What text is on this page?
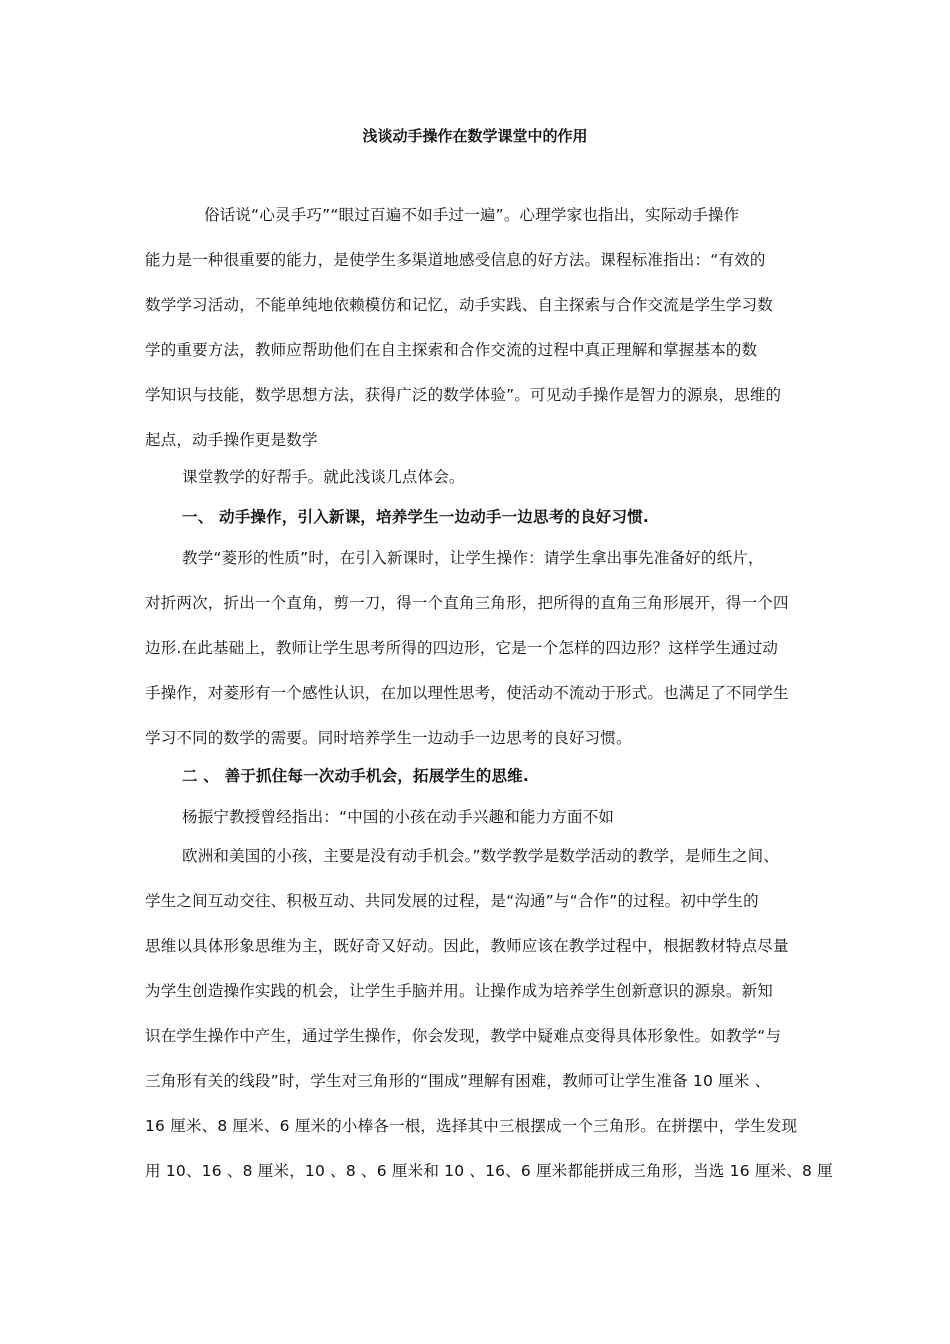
浅谈动手操作在数学课堂中的作用
俗话说“心灵手巧”“眼过百遍不如手过一遍”。心理学家也指出，实际动手操作
能力是一种很重要的能力，是使学生多渠道地感受信息的好方法。课程标准指出：“有效的
数学学习活动，不能单纯地依赖模仿和记忆，动手实践、自主探索与合作交流是学生学习数
学的重要方法，教师应帮助他们在自主探索和合作交流的过程中真正理解和掌握基本的数
学知识与技能，数学思想方法，获得广泛的数学体验”。可见动手操作是智力的源泉，思维的
起点，动手操作更是数学
课堂教学的好帮手。就此浅谈几点体会。
一、 动手操作，引入新课，培养学生一边动手一边思考的良好习惯.
教学“菱形的性质”时，在引入新课时，让学生操作：请学生拿出事先准备好的纸片，
对折两次，折出一个直角，剪一刀，得一个直角三角形，把所得的直角三角形展开，得一个四
边形.在此基础上，教师让学生思考所得的四边形，它是一个怎样的四边形？这样学生通过动
手操作，对菱形有一个感性认识，在加以理性思考，使活动不流动于形式。也满足了不同学生
学习不同的数学的需要。同时培养学生一边动手一边思考的良好习惯。
二 、 善于抓住每一次动手机会，拓展学生的思维.
杨振宁教授曾经指出：“中国的小孩在动手兴趣和能力方面不如
欧洲和美国的小孩，主要是没有动手机会。”数学教学是数学活动的教学，是师生之间、
学生之间互动交往、积极互动、共同发展的过程，是“沟通”与“合作”的过程。初中学生的
思维以具体形象思维为主，既好奇又好动。因此，教师应该在教学过程中，根据教材特点尽量
为学生创造操作实践的机会，让学生手脑并用。让操作成为培养学生创新意识的源泉。新知
识在学生操作中产生，通过学生操作，你会发现，教学中疑难点变得具体形象性。如教学“与
三角形有关的线段”时，学生对三角形的“围成”理解有困难，教师可让学生准备 10 厘米 、
16 厘米、8 厘米、6 厘米的小棒各一根，选择其中三根摆成一个三角形。在拼摆中，学生发现
用 10、16 、8 厘米，10 、8 、6 厘米和 10 、16、6 厘米都能拼成三角形，当选 16 厘米、8 厘
